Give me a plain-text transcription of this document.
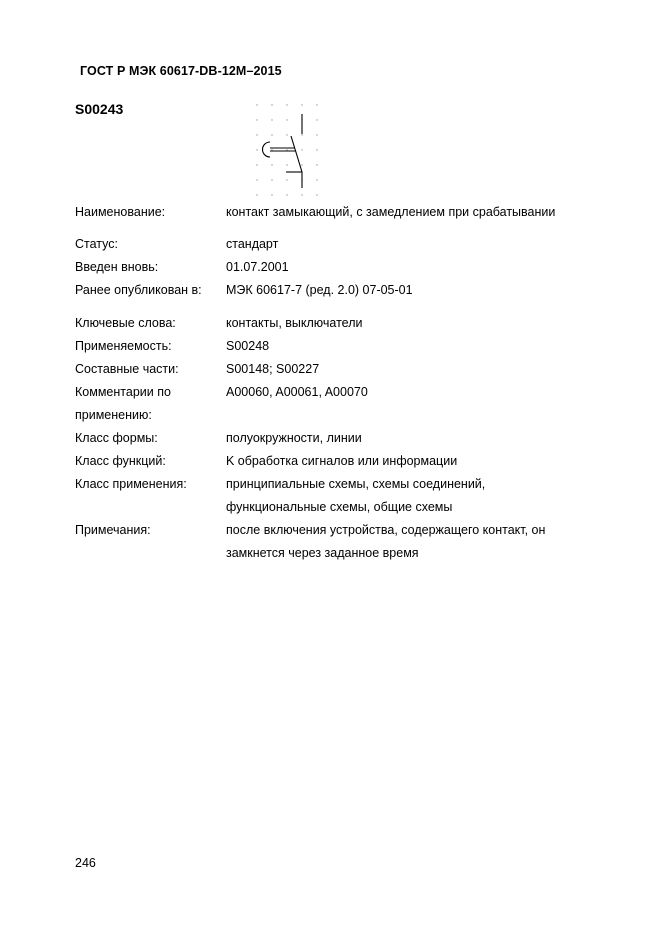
ГОСТ Р МЭК 60617-DB-12M–2015
S00243
Наименование:	контакт замыкающий, с замедлением при срабатывании
Статус:	стандарт
Введен вновь:	01.07.2001
Ранее опубликован в:	МЭК 60617-7 (ред. 2.0) 07-05-01
Ключевые слова:	контакты, выключатели
Применяемость:	S00248
Составные части:	S00148; S00227
Комментарии по	A00060, A00061, A00070
применению:
Класс формы:	полуокружности, линии
Класс функций:	K обработка сигналов или информации
Класс применения:	принципиальные схемы, схемы соединений,
функциональные схемы, общие схемы
Примечания:	после включения устройства, содержащего контакт, он
замкнется через заданное время
246
